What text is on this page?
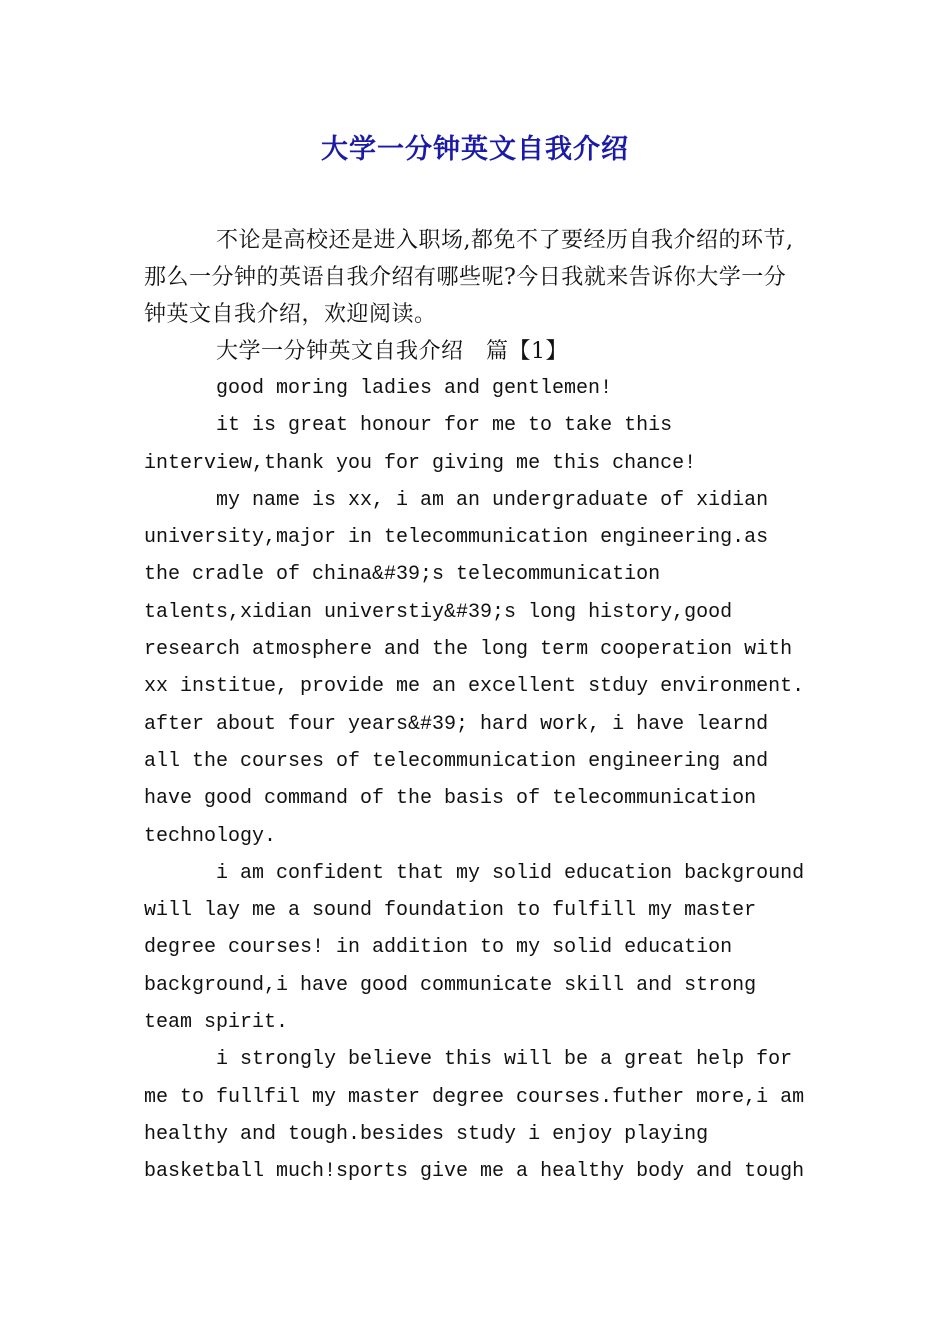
大学一分钟英文自我介绍

不论是高校还是进入职场,都免不了要经历自我介绍的环节,那么一分钟的英语自我介绍有哪些呢?今日我就来告诉你大学一分钟英文自我介绍，欢迎阅读。

大学一分钟英文自我介绍　篇【1】

good moring ladies and gentlemen!

it is great honour for me to take this interview,thank you for giving me this chance!

my name is xx, i am an undergraduate of xidian university,major in telecommunication engineering.as the cradle of china&#39;s telecommunication talents,xidian universtiy&#39;s long history,good research atmosphere and the long term cooperation with xx institue, provide me an excellent stduy environment. after about four years&#39; hard work, i have learnd all the courses of telecommunication engineering and have good command of the basis of telecommunication technology.

i am confident that my solid education background will lay me a sound foundation to fulfill my master degree courses! in addition to my solid education background,i have good communicate skill and strong team spirit.

i strongly believe this will be a great help for me to fullfil my master degree courses.futher more,i am healthy and tough.besides study i enjoy playing basketball much!sports give me a healthy body and tough
